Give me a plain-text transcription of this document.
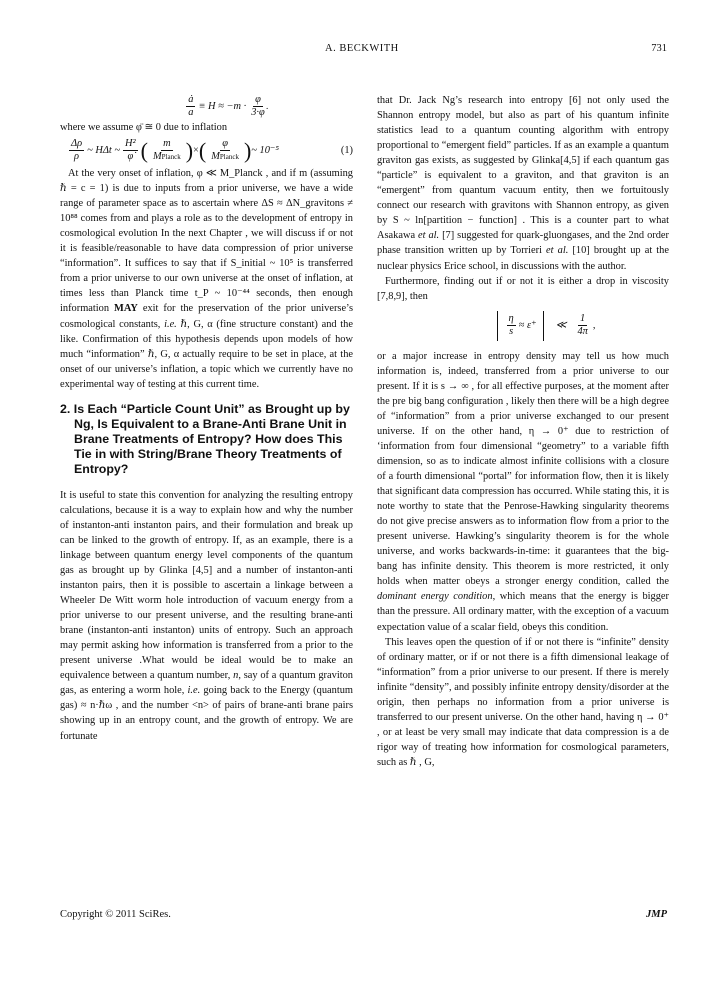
A. BECKWITH	731
$\frac{ȧ}{a} \equiv H \approx -m \cdot \frac{\varphi}{3\cdot\varphi̇}$

where we assume φ̈ ≅ 0 due to inflation

$\frac{\Delta\rho}{\rho}$ ~ HΔt ~ $\frac{\text{H²}}{\varphi̇}$ ( $\frac{m}{\text{MPlanck}}$ ) × ( $\frac{\varphi}{\text{MPlanck}}$ ) ~ 10⁻⁵	(1)

At the very onset of inflation, φ ≪ M_Planck , and if m (assuming ℏ = c = 1) is due to inputs from a prior universe, we have a wide range of parameter space as to ascertain where ΔS ≈ ΔN_gravitons ≠ 10⁸⁸ comes from and plays a role as to the development of entropy in cosmological evolution In the next Chapter , we will discuss if or not it is feasible/reasonable to have data compression of prior universe “information”. It suffices to say that if S_initial ~ 10⁵ is transferred from a prior universe to our own universe at the onset of inflation, at times less than Planck time t_P ~ 10⁻⁴⁴ seconds, then enough information MAY exit for the preservation of the prior universe’s cosmological constants, i.e. ℏ, G, α (fine structure constant) and the like. Confirmation of this hypothesis depends upon models of how much “information” ℏ, G, α actually require to be set in place, at the onset of our universe’s inflation, a topic which we currently have no experimental way of testing at this current time.

2. Is Each “Particle Count Unit” as Brought up by Ng, Is Equivalent to a Brane-Anti Brane Unit in Brane Treatments of Entropy? How does This Tie in with String/Brane Theory Treatments of Entropy?

It is useful to state this convention for analyzing the resulting entropy calculations, because it is a way to explain how and why the number of instanton-anti instanton pairs, and their formulation and break up can be linked to the growth of entropy. If, as an example, there is a linkage between quantum energy level components of the quantum gas as brought up by Glinka [4,5] and a number of instanton-anti instanton pairs, then it is possible to ascertain a linkage between a Wheeler De Witt worm hole introduction of vacuum energy from a prior universe to our present universe, and the resulting brane-anti brane (instanton-anti instanton) units of entropy. Such an approach may permit asking how information is transferred from a prior to the present universe .What would be ideal would be to make an equivalence between a quantum number, n, say of a quantum graviton gas, as entering a worm hole, i.e. going back to the Energy (quantum gas) ≈ n·ℏω , and the number <n> of pairs of brane-anti brane pairs showing up in an entropy count, and the growth of entropy. We are fortunate

that Dr. Jack Ng’s research into entropy [6] not only used the Shannon entropy model, but also as part of his quantum infinite statistics lead to a quantum counting algorithm with entropy proportional to “emergent field” particles. If as an example a quantum graviton gas exists, as suggested by Glinka[4,5] if each quantum gas “particle” is equivalent to a graviton, and that graviton is an “emergent” from quantum vacuum entity, then we fortuitously connect our research with gravitons with Shannon entropy, as given by S ~ ln[partition − function] . This is a counter part to what Asakawa et al. [7] suggested for quark-gluongases, and the 2nd order phase transition written up by Torrieri et al. [10] brought up at the nuclear physics Erice school, in discussions with the author.

Furthermore, finding out if or not it is either a drop in viscosity [7,8,9], then

$\frac{\eta}{s} \approx \varepsilon^+$ ≪ $\frac{1}{4\pi}$ ,

or a major increase in entropy density may tell us how much information is, indeed, transferred from a prior universe to our present. If it is s → ∞ , for all effective purposes, at the moment after the pre big bang configuration , likely then there will be a high degree of “information” from a prior universe exchanged to our present universe. If on the other hand, η → 0⁺ due to restriction of ‘information from four dimensional “geometry” to a variable fifth dimension, so as to indicate almost infinite collisions with a closure of a fourth dimensional “portal” for information flow, then it is likely that significant data compression has occurred. While stating this, it is note worthy to state that the Penrose-Hawking singularity theorems do not give precise answers as to information flow from a prior to the present universe. Hawking’s singularity theorem is for the whole universe, and works backwards-in-time: it guarantees that the big-bang has infinite density. This theorem is more restricted, it only holds when matter obeys a stronger energy condition, called the dominant energy condition, which means that the energy is bigger than the pressure. All ordinary matter, with the exception of a vacuum expectation value of a scalar field, obeys this condition.

This leaves open the question of if or not there is “infinite” density of ordinary matter, or if or not there is a fifth dimensional leakage of “information” from a prior universe to our present. If there is merely infinite “density”, and possibly infinite entropy density/disorder at the origin, then perhaps no information from a prior universe is transferred to our present universe. On the other hand, having η → 0⁺ , or at least be very small may indicate that data compression is a de rigor way of treating how information for cosmological parameters, such as ℏ , G,

Copyright © 2011 SciRes.	JMP
